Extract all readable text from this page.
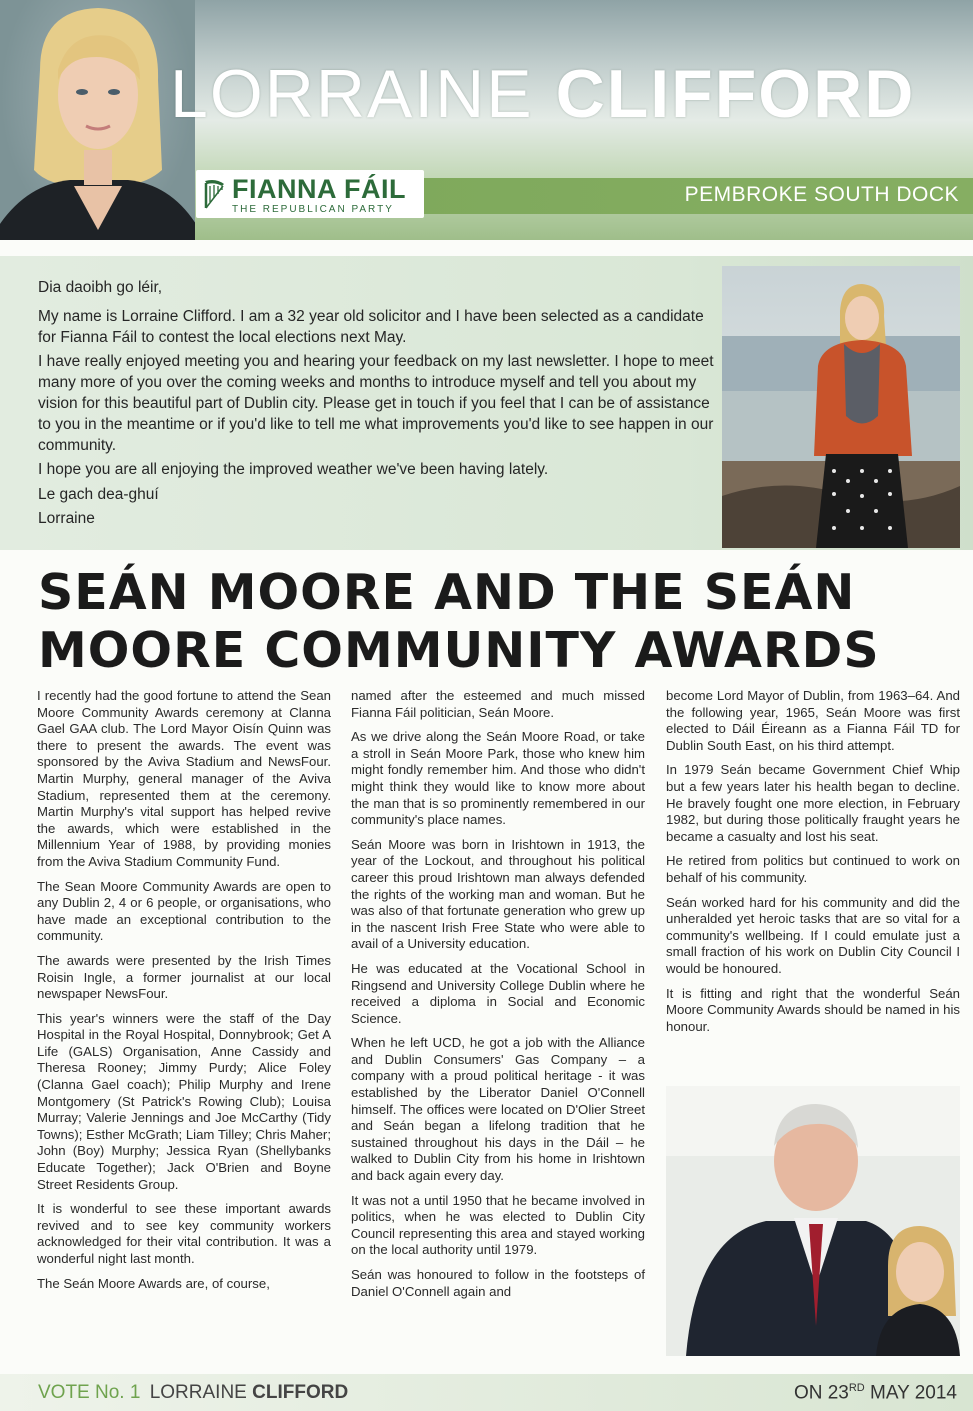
LORRAINE CLIFFORD
PEMBROKE SOUTH DOCK
FIANNA FÁIL
THE REPUBLICAN PARTY

Dia daoibh go léir,

My name is Lorraine Clifford. I am a 32 year old solicitor and I have been selected as a candidate for Fianna Fáil to contest the local elections next May.

I have really enjoyed meeting you and hearing your feedback on my last newsletter. I hope to meet many more of you over the coming weeks and months to introduce myself and tell you about my vision for this beautiful part of Dublin city. Please get in touch if you feel that I can be of assistance to you in the meantime or if you'd like to tell me what improvements you'd like to see happen in our community.

I hope you are all enjoying the improved weather we've been having lately.

Le gach dea-ghuí

Lorraine

SEÁN MOORE AND THE SEÁN MOORE COMMUNITY AWARDS

I recently had the good fortune to attend the Sean Moore Community Awards ceremony at Clanna Gael GAA club. The Lord Mayor Oisín Quinn was there to present the awards. The event was sponsored by the Aviva Stadium and NewsFour. Martin Murphy, general manager of the Aviva Stadium, represented them at the ceremony. Martin Murphy's vital support has helped revive the awards, which were established in the Millennium Year of 1988, by providing monies from the Aviva Stadium Community Fund.

The Sean Moore Community Awards are open to any Dublin 2, 4 or 6 people, or organisations, who have made an exceptional contribution to the community.

The awards were presented by the Irish Times Roisin Ingle, a former journalist at our local newspaper NewsFour.

This year's winners were the staff of the Day Hospital in the Royal Hospital, Donnybrook; Get A Life (GALS) Organisation, Anne Cassidy and Theresa Rooney; Jimmy Purdy; Alice Foley (Clanna Gael coach); Philip Murphy and Irene Montgomery (St Patrick's Rowing Club); Louisa Murray; Valerie Jennings and Joe McCarthy (Tidy Towns); Esther McGrath; Liam Tilley; Chris Maher; John (Boy) Murphy; Jessica Ryan (Shellybanks Educate Together); Jack O'Brien and Boyne Street Residents Group.

It is wonderful to see these important awards revived and to see key community workers acknowledged for their vital contribution. It was a wonderful night last month.

The Seán Moore Awards are, of course,

named after the esteemed and much missed Fianna Fáil politician, Seán Moore.

As we drive along the Seán Moore Road, or take a stroll in Seán Moore Park, those who knew him might fondly remember him. And those who didn't might think they would like to know more about the man that is so prominently remembered in our community's place names.

Seán Moore was born in Irishtown in 1913, the year of the Lockout, and throughout his political career this proud Irishtown man always defended the rights of the working man and woman. But he was also of that fortunate generation who grew up in the nascent Irish Free State who were able to avail of a University education.

He was educated at the Vocational School in Ringsend and University College Dublin where he received a diploma in Social and Economic Science.

When he left UCD, he got a job with the Alliance and Dublin Consumers' Gas Company – a company with a proud political heritage - it was established by the Liberator Daniel O'Connell himself. The offices were located on D'Olier Street and Seán began a lifelong tradition that he sustained throughout his days in the Dáil – he walked to Dublin City from his home in Irishtown and back again every day.

It was not a until 1950 that he became involved in politics, when he was elected to Dublin City Council representing this area and stayed working on the local authority until 1979.

Seán was honoured to follow in the footsteps of Daniel O'Connell again and

become Lord Mayor of Dublin, from 1963–64. And the following year, 1965, Seán Moore was first elected to Dáil Éireann as a Fianna Fáil TD for Dublin South East, on his third attempt.

In 1979 Seán became Government Chief Whip but a few years later his health began to decline. He bravely fought one more election, in February 1982, but during those politically fraught years he became a casualty and lost his seat.

He retired from politics but continued to work on behalf of his community.

Seán worked hard for his community and did the unheralded yet heroic tasks that are so vital for a community's wellbeing. If I could emulate just a small fraction of his work on Dublin City Council I would be honoured.

It is fitting and right that the wonderful Seán Moore Community Awards should be named in his honour.

VOTE No. 1 LORRAINE CLIFFORD	ON 23RD MAY 2014
